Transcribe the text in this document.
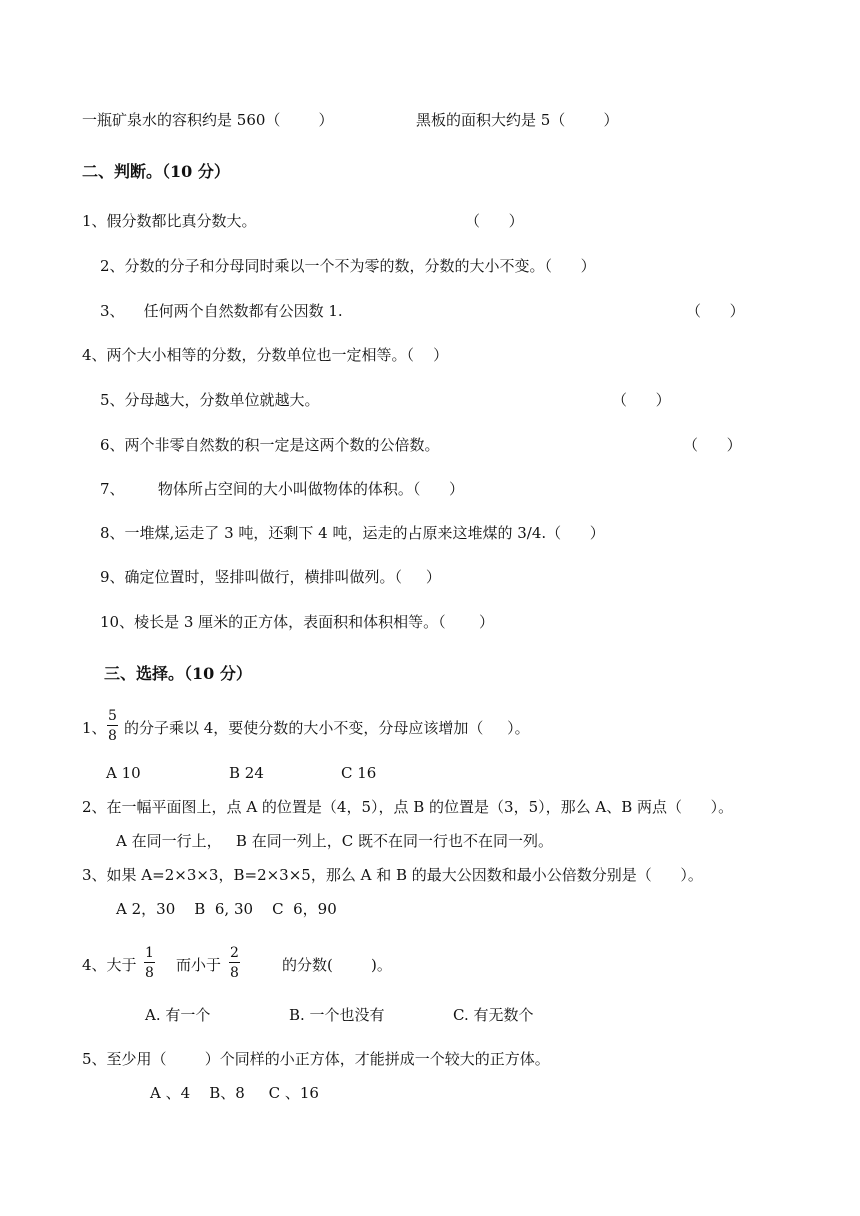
一瓶矿泉水的容积约是 560（        ）	黑板的面积大约是 5（        ）
二、判断。（10 分）
1、假分数都比真分数大。	（      ）
2、分数的分子和分母同时乘以一个不为零的数，分数的大小不变。（      ）
3、    任何两个自然数都有公因数 1.	（      ）
4、两个大小相等的分数，分数单位也一定相等。（    ）
5、分母越大，分数单位就越大。	（      ）
6、两个非零自然数的积一定是这两个数的公倍数。	（      ）
7、       物体所占空间的大小叫做物体的体积。（      ）
8、一堆煤,运走了 3 吨，还剩下 4 吨，运走的占原来这堆煤的 3/4.（      ）
9、确定位置时，竖排叫做行，横排叫做列。（     ）
10、棱长是 3 厘米的正方体，表面积和体积相等。（       ）
三、选择。（10 分）
1、
5
8 的分子乘以 4，要使分数的大小不变，分母应该增加（     ）。
A 10	B 24	C 16
2、在一幅平面图上，点 A 的位置是（4，5），点 B 的位置是（3，5），那么 A、B 两点（      ）。
A 在同一行上，   B 在同一列上，C 既不在同一行也不在同一列。
3、如果 A=2×3×3，B=2×3×5，那么 A 和 B 的最大公因数和最小公倍数分别是（      ）。
A 2，30    B  6, 30    C  6，90
4、大于
1
8 而小于
2
8	的分数(        )。
A. 有一个	B. 一个也没有	C. 有无数个
5、至少用（        ）个同样的小正方体，才能拼成一个较大的正方体。
A 、4    B、8     C 、16
